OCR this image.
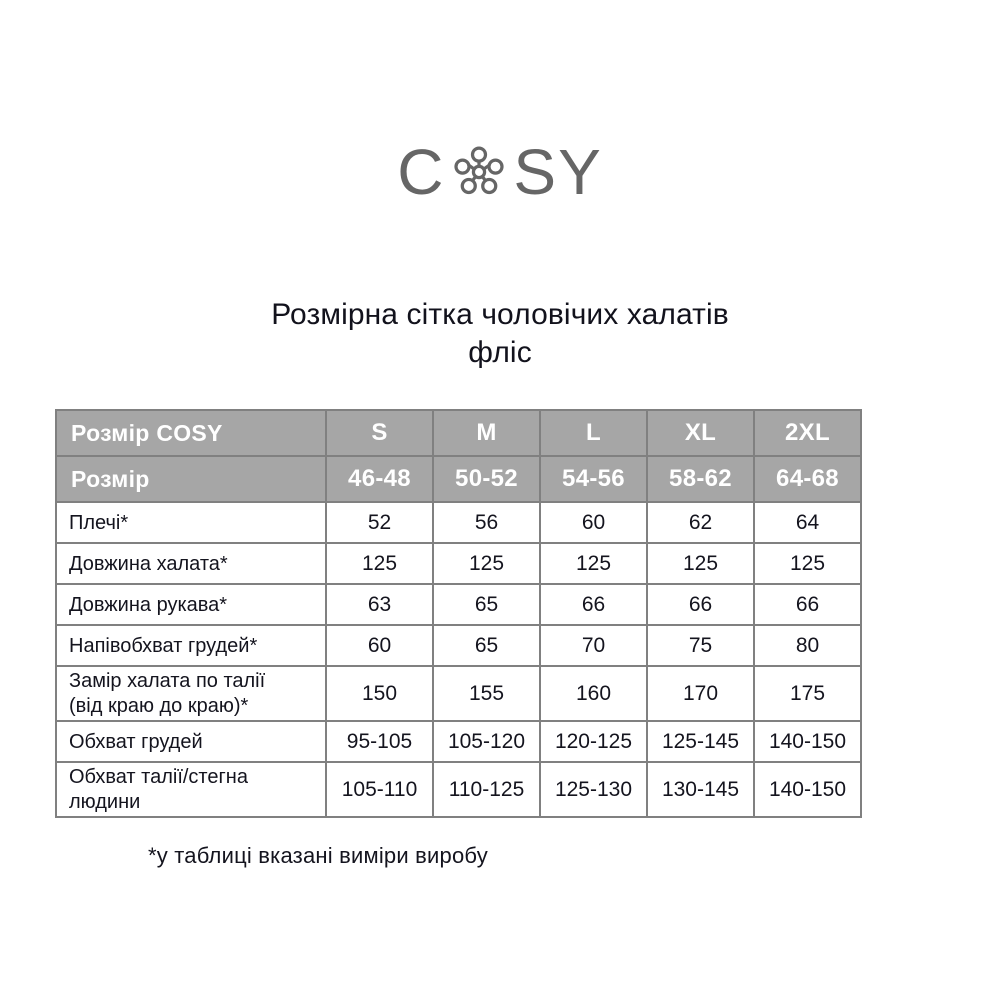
C SY
Розмірна сітка чоловічих халатів
фліс
Розмір COSY	S	M	L	XL	2XL
Розмір	46-48	50-52	54-56	58-62	64-68

Плечі*	52	56	60	62	64

Довжина халата*	125	125	125	125	125

Довжина рукава*	63	65	66	66	66

Напівобхват грудей*	60	65	70	75	80

Замір халата по талії
(від краю до краю)*	150	155	160	170	175

Обхват грудей	95-105	105-120	120-125	125-145	140-150

Обхват талії/стегна
людини	105-110	110-125	125-130	130-145	140-150
*у таблиці вказані виміри виробу
